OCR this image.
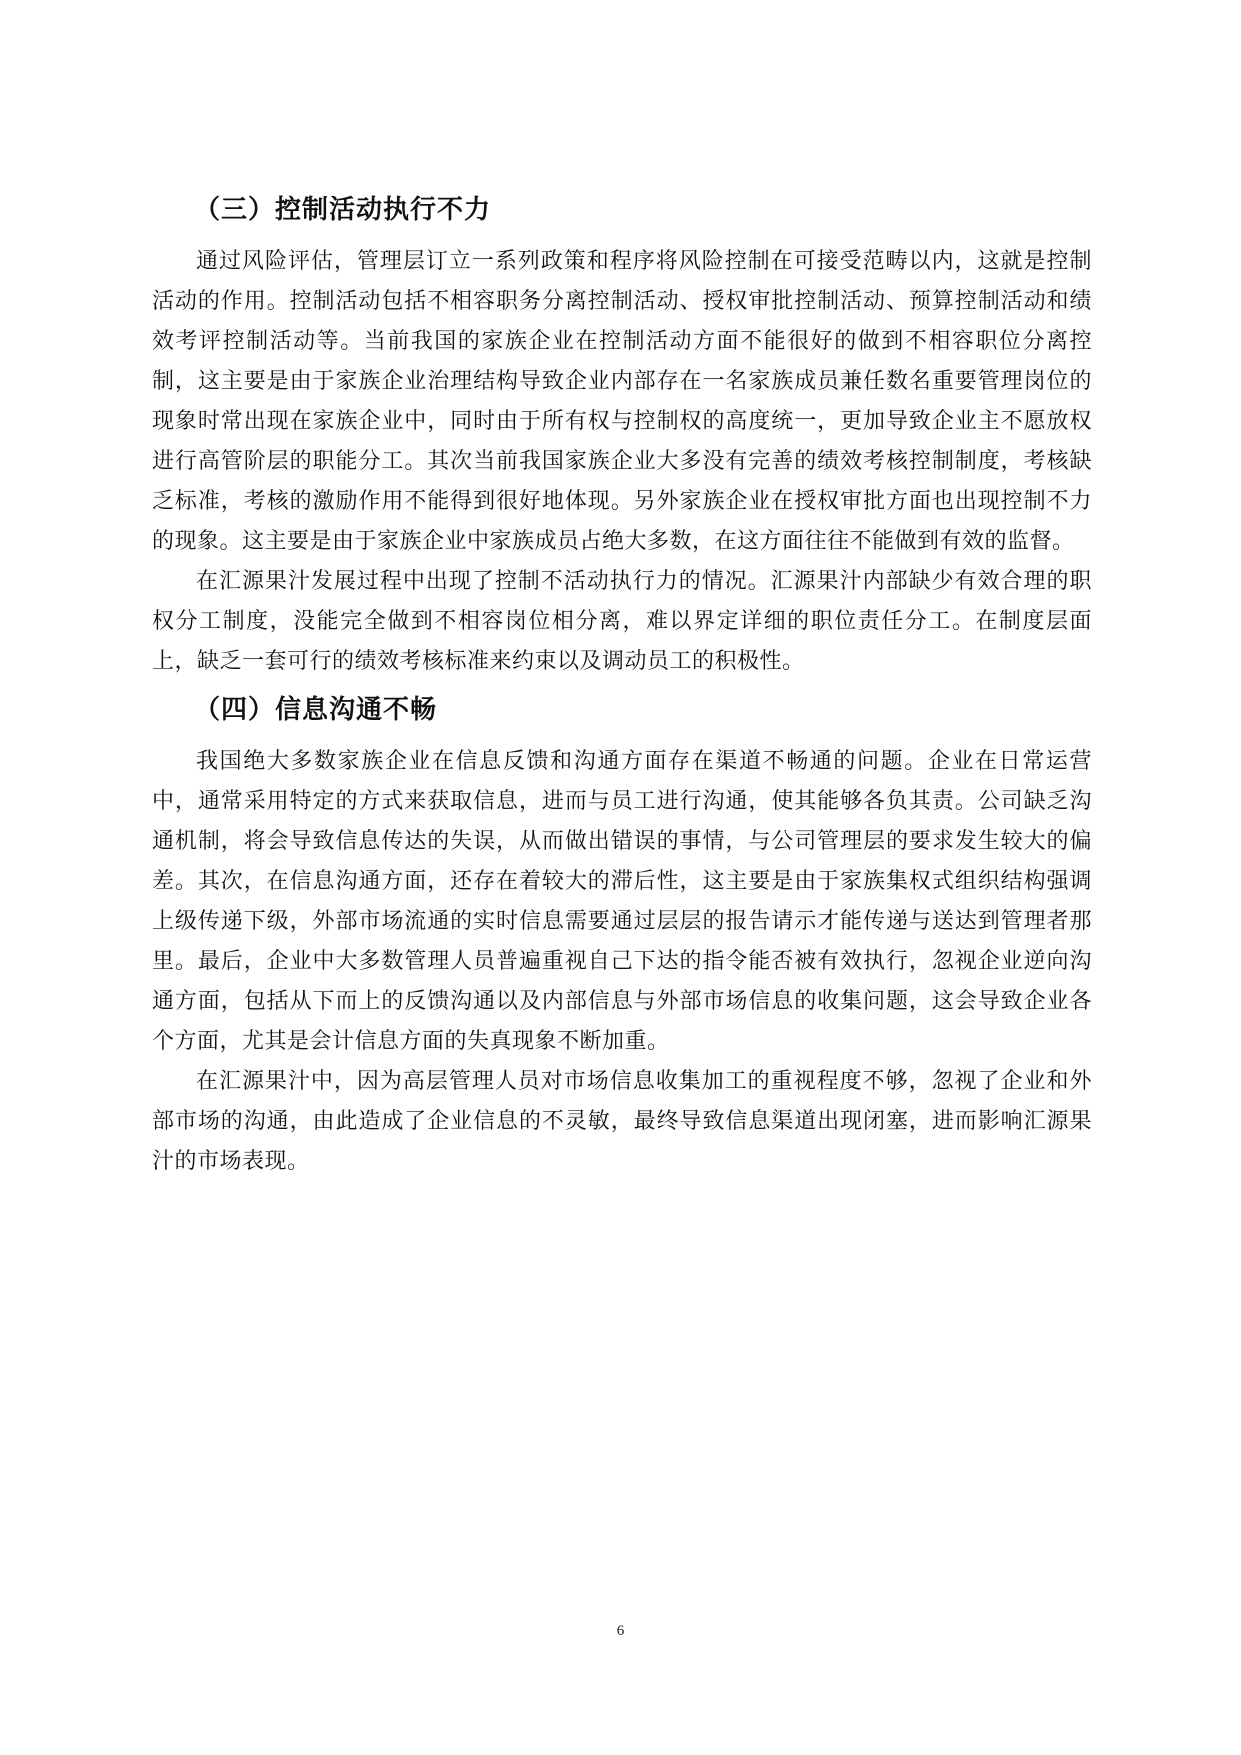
（三）控制活动执行不力

通过风险评估，管理层订立一系列政策和程序将风险控制在可接受范畴以内，这就是控制活动的作用。控制活动包括不相容职务分离控制活动、授权审批控制活动、预算控制活动和绩效考评控制活动等。当前我国的家族企业在控制活动方面不能很好的做到不相容职位分离控制，这主要是由于家族企业治理结构导致企业内部存在一名家族成员兼任数名重要管理岗位的现象时常出现在家族企业中，同时由于所有权与控制权的高度统一，更加导致企业主不愿放权进行高管阶层的职能分工。其次当前我国家族企业大多没有完善的绩效考核控制制度，考核缺乏标准，考核的激励作用不能得到很好地体现。另外家族企业在授权审批方面也出现控制不力的现象。这主要是由于家族企业中家族成员占绝大多数，在这方面往往不能做到有效的监督。

在汇源果汁发展过程中出现了控制不活动执行力的情况。汇源果汁内部缺少有效合理的职权分工制度，没能完全做到不相容岗位相分离，难以界定详细的职位责任分工。在制度层面上，缺乏一套可行的绩效考核标准来约束以及调动员工的积极性。

（四）信息沟通不畅

我国绝大多数家族企业在信息反馈和沟通方面存在渠道不畅通的问题。企业在日常运营中，通常采用特定的方式来获取信息，进而与员工进行沟通，使其能够各负其责。公司缺乏沟通机制，将会导致信息传达的失误，从而做出错误的事情，与公司管理层的要求发生较大的偏差。其次，在信息沟通方面，还存在着较大的滞后性，这主要是由于家族集权式组织结构强调上级传递下级，外部市场流通的实时信息需要通过层层的报告请示才能传递与送达到管理者那里。最后，企业中大多数管理人员普遍重视自己下达的指令能否被有效执行，忽视企业逆向沟通方面，包括从下而上的反馈沟通以及内部信息与外部市场信息的收集问题，这会导致企业各个方面，尤其是会计信息方面的失真现象不断加重。

在汇源果汁中，因为高层管理人员对市场信息收集加工的重视程度不够，忽视了企业和外部市场的沟通，由此造成了企业信息的不灵敏，最终导致信息渠道出现闭塞，进而影响汇源果汁的市场表现。

6
